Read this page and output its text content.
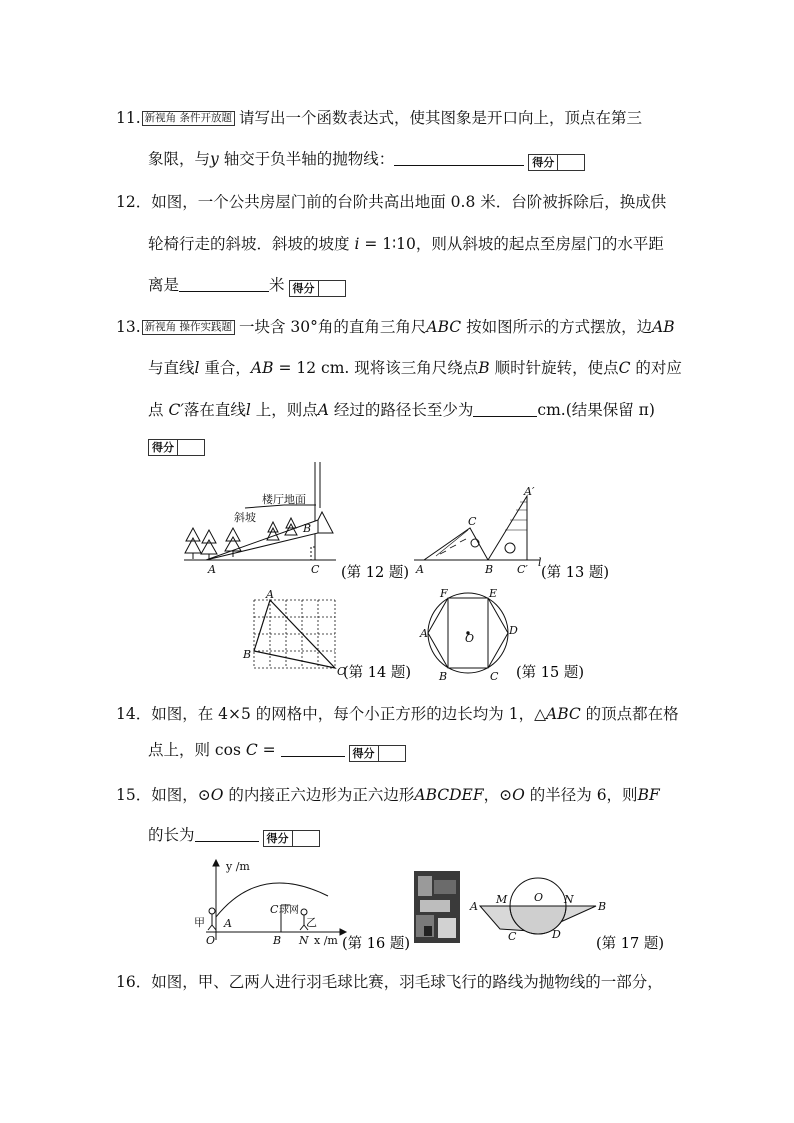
11. 新视角 条件开放题 请写出一个函数表达式，使其图象是开口向上，顶点在第三
象限，与y 轴交于负半轴的抛物线：	得分
12．如图，一个公共房屋门前的台阶共高出地面 0.8 米．台阶被拆除后，换成供
轮椅行走的斜坡．斜坡的坡度 i = 1∶10，则从斜坡的起点至房屋门的水平距
离是	米 得分
13. 新视角 操作实践题 一块含 30°角的直角三角尺ABC 按如图所示的方式摆放，边AB
与直线l 重合，AB = 12 cm. 现将该三角尺绕点B 顺时针旋转，使点C 的对应
点 C′落在直线l 上，则点A 经过的路径长至少为	cm.(结果保留 π)
得分
楼厅地面
斜坡
A
B
C (第 12 题) A
C
B C′
A′
l
(第 13 题)
A
B
C
(第 14 题)
F	E
A	D
B	C
O
(第 15 题)
y /m
x /m
甲	乙
球网
A
C
B N
O	(第 16 题)
A	B
M	N
O
C	D
(第 17 题)
14．如图，在 4×5 的网格中，每个小正方形的边长均为 1，△ABC 的顶点都在格
点上，则 cos C =	得分
15．如图，⊙O 的内接正六边形为正六边形ABCDEF，⊙O 的半径为 6，则BF
的长为	得分
16．如图，甲、乙两人进行羽毛球比赛，羽毛球飞行的路线为抛物线的一部分，
